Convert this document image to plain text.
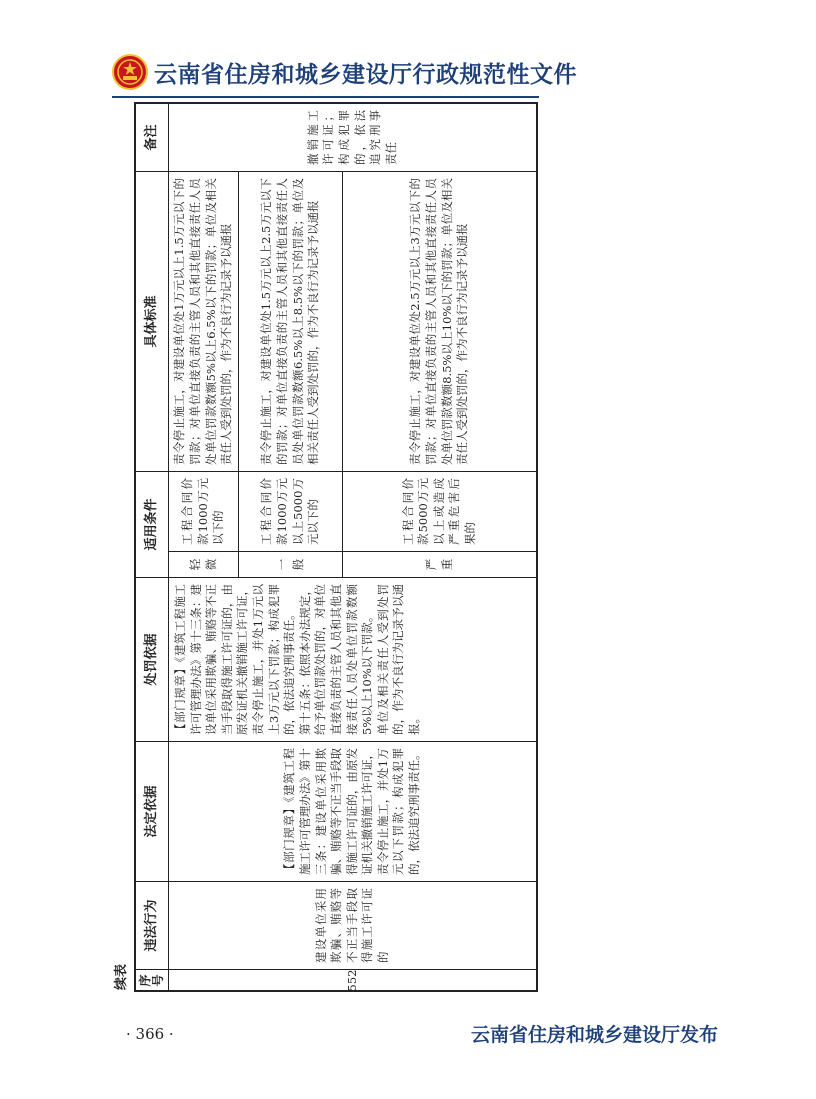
云南省住房和城乡建设厅行政规范性文件
续表 序号
违法行为
法定依据
处罚依据
适用条件
具体标准
备注
552
建设单位采用欺骗、贿赂等不正当手段取得施工许可证的
【部门规章】《建筑工程施工许可管理办法》第十三条：建设单位采用欺骗、贿赂等不正当手段取得施工许可证的，由原发证机关撤销施工许可证，责令停止施工，并处1万元以下罚款；构成犯罪的，依法追究刑事责任。
【部门规章】《建筑工程施工许可管理办法》第十三条：建设单位采用欺骗、贿赂等不正当手段取得施工许可证的，由原发证机关撤销施工许可证，责令停止施工，并处1万元以上3万元以下罚款；构成犯罪的，依法追究刑事责任。
第十五条：依照本办法规定，给予单位罚款处罚的，对单位直接负责的主管人员和其他直接责任人员处单位罚款数额5%以上10%以下罚款。
单位及相关责任人受到处罚的，作为不良行为记录予以通报。
撤销施工许可证；构成犯罪的，依法追究刑事责任
轻微
工程合同价款1000万元以下的
责令停止施工，对建设单位处1万元以上1.5万元以下的罚款；对单位直接负责的主管人员和其他直接责任人员处单位罚款数额5%以上6.5%以下的罚款；单位及相关责任人受到处罚的，作为不良行为记录予以通报
一般
工程合同价款1000万元以上5000万元以下的
责令停止施工，对建设单位处1.5万元以上2.5万元以下的罚款；对单位直接负责的主管人员和其他直接责任人员处单位罚款数额6.5%以上8.5%以下的罚款；单位及相关责任人受到处罚的，作为不良行为记录予以通报
严重
工程合同价款5000万元以上或造成严重危害后果的
责令停止施工，对建设单位处2.5万元以上3万元以下的罚款；对单位直接负责的主管人员和其他直接责任人员处单位罚款数额8.5%以上10%以下的罚款；单位及相关责任人受到处罚的，作为不良行为记录予以通报
· 366 ·	云南省住房和城乡建设厅发布
